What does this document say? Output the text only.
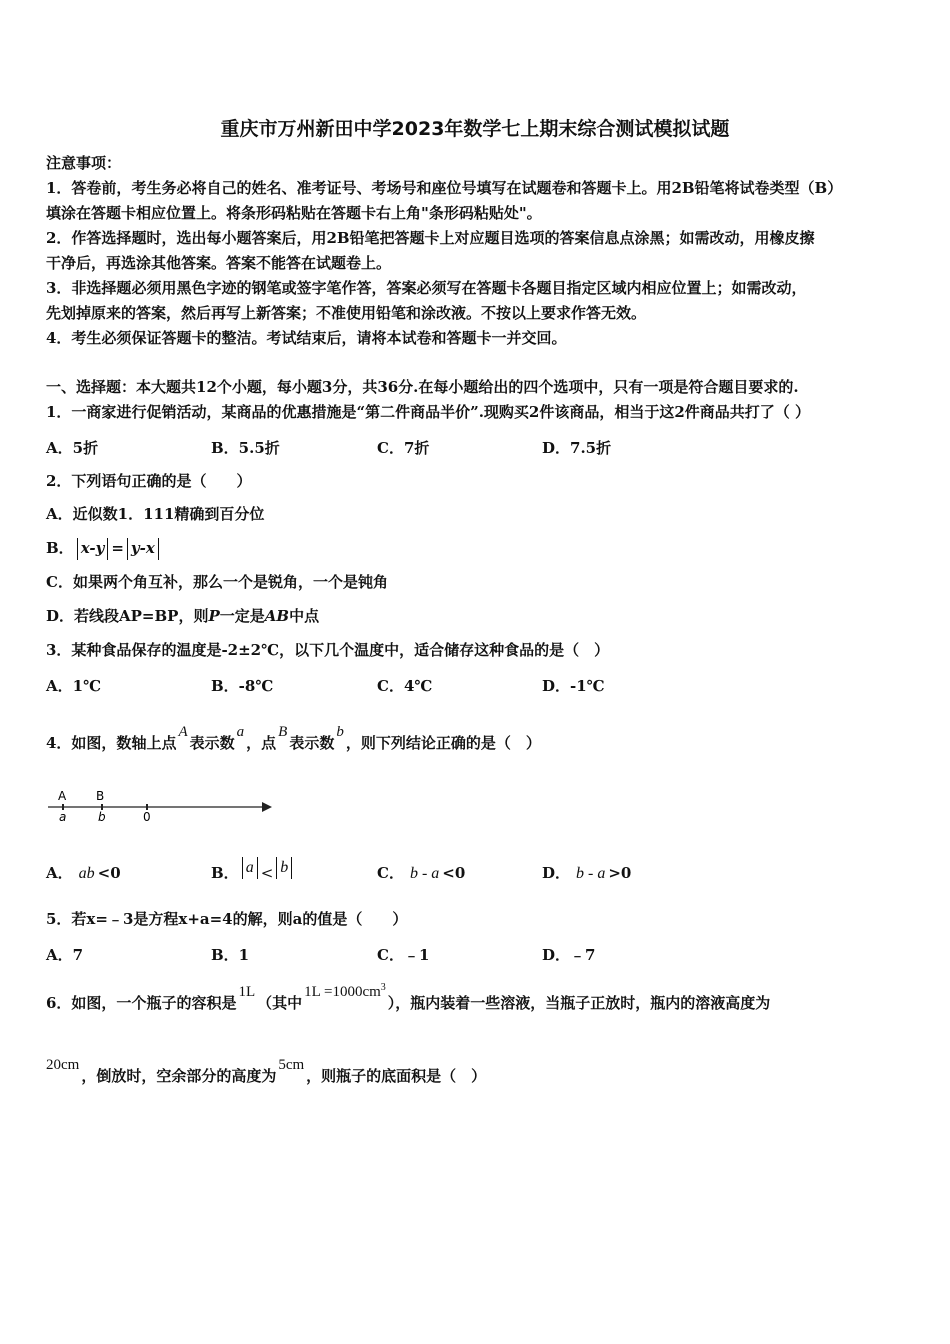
重庆市万州新田中学2023年数学七上期末综合测试模拟试题
注意事项：
1．答卷前，考生务必将自己的姓名、准考证号、考场号和座位号填写在试题卷和答题卡上。用2B铅笔将试卷类型（B）
填涂在答题卡相应位置上。将条形码粘贴在答题卡右上角"条形码粘贴处"。
2．作答选择题时，选出每小题答案后，用2B铅笔把答题卡上对应题目选项的答案信息点涂黑；如需改动，用橡皮擦
干净后，再选涂其他答案。答案不能答在试题卷上。
3．非选择题必须用黑色字迹的钢笔或签字笔作答，答案必须写在答题卡各题目指定区域内相应位置上；如需改动，
先划掉原来的答案，然后再写上新答案；不准使用铅笔和涂改液。不按以上要求作答无效。
4．考生必须保证答题卡的整洁。考试结束后，请将本试卷和答题卡一并交回。
一、选择题：本大题共12个小题，每小题3分，共36分.在每小题给出的四个选项中，只有一项是符合题目要求的.
1．一商家进行促销活动，某商品的优惠措施是“第二件商品半价”.现购买2件该商品，相当于这2件商品共打了（ ）
A．5折	B．5.5折	C．7折	D．7.5折
2．下列语句正确的是（　　）
A．近似数1．111精确到百分位
B． x-y = y-x
C．如果两个角互补，那么一个是锐角，一个是钝角
D．若线段AP=BP，则P一定是AB中点
3．某种食品保存的温度是-2±2℃，以下几个温度中，适合储存这种食品的是（　）
A．1℃	B．-8℃	C．4℃	D．-1℃
4．如图，数轴上点A表示数a，点B表示数b，则下列结论正确的是（　）
A B
a	b	0
A． ab <0	B． a < b	C． b - a <0	D． b - a >0
5．若x=﹣3是方程x+a=4的解，则a的值是（　　）
A．7	B．1	C．﹣1	D．﹣7
6．如图，一个瓶子的容积是1L（其中$1L =1000cm^3$），瓶内装着一些溶液，当瓶子正放时，瓶内的溶液高度为
20cm，倒放时，空余部分的高度为5cm，则瓶子的底面积是（　）
